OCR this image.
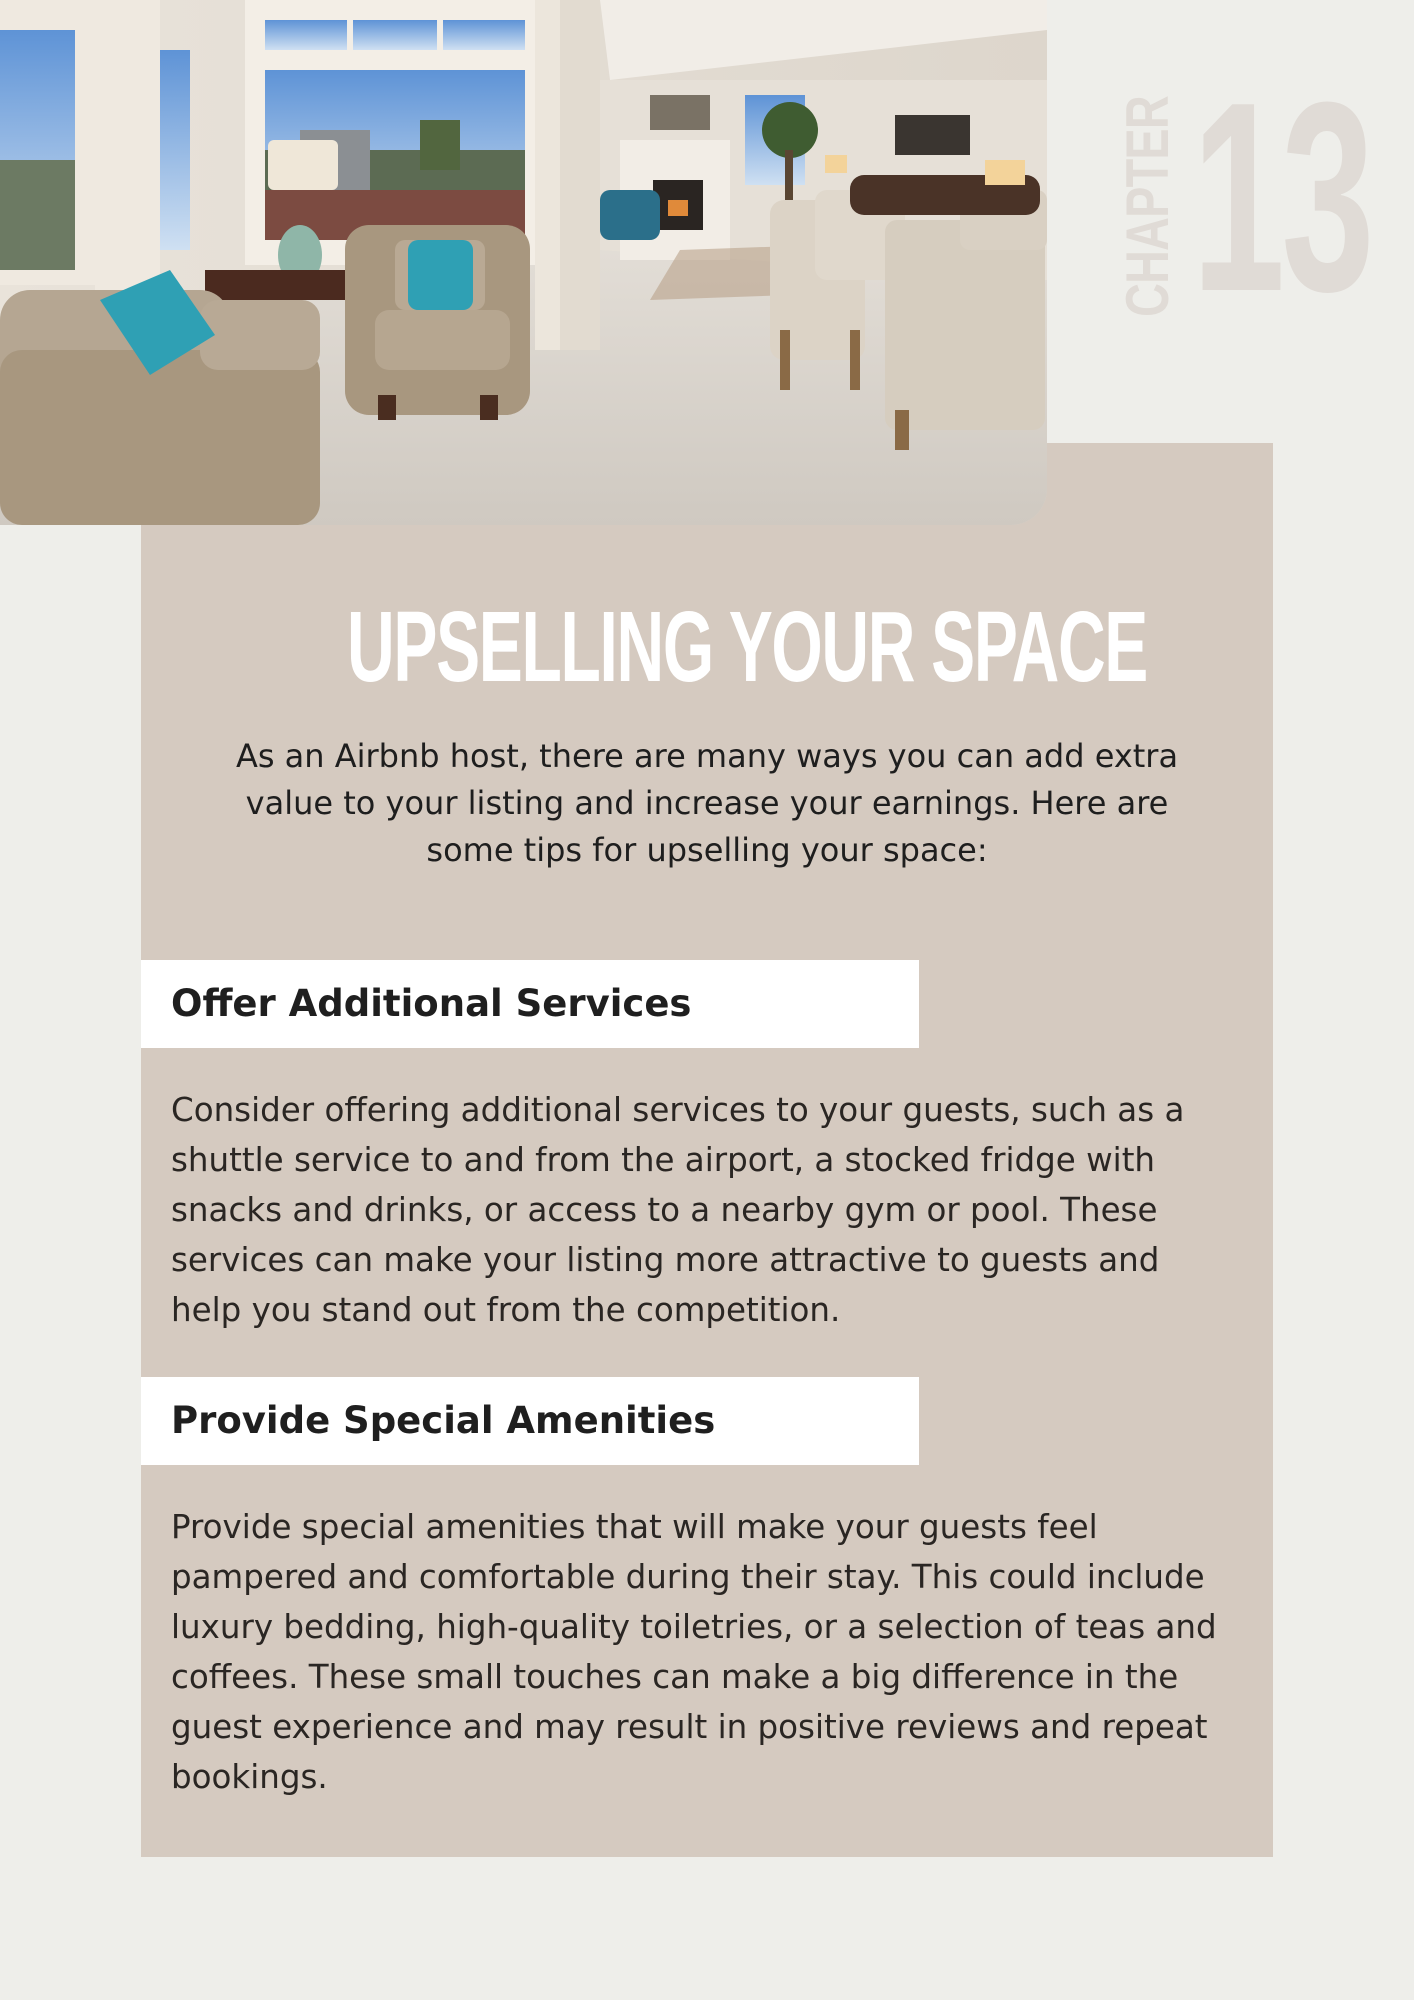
CHAPTER 13
UPSELLING YOUR SPACE

As an Airbnb host, there are many ways you can add extra value to your listing and increase your earnings. Here are some tips for upselling your space:

Offer Additional Services

Consider offering additional services to your guests, such as a shuttle service to and from the airport, a stocked fridge with snacks and drinks, or access to a nearby gym or pool. These services can make your listing more attractive to guests and help you stand out from the competition.

Provide Special Amenities

Provide special amenities that will make your guests feel pampered and comfortable during their stay. This could include luxury bedding, high-quality toiletries, or a selection of teas and coffees. These small touches can make a big difference in the guest experience and may result in positive reviews and repeat bookings.
